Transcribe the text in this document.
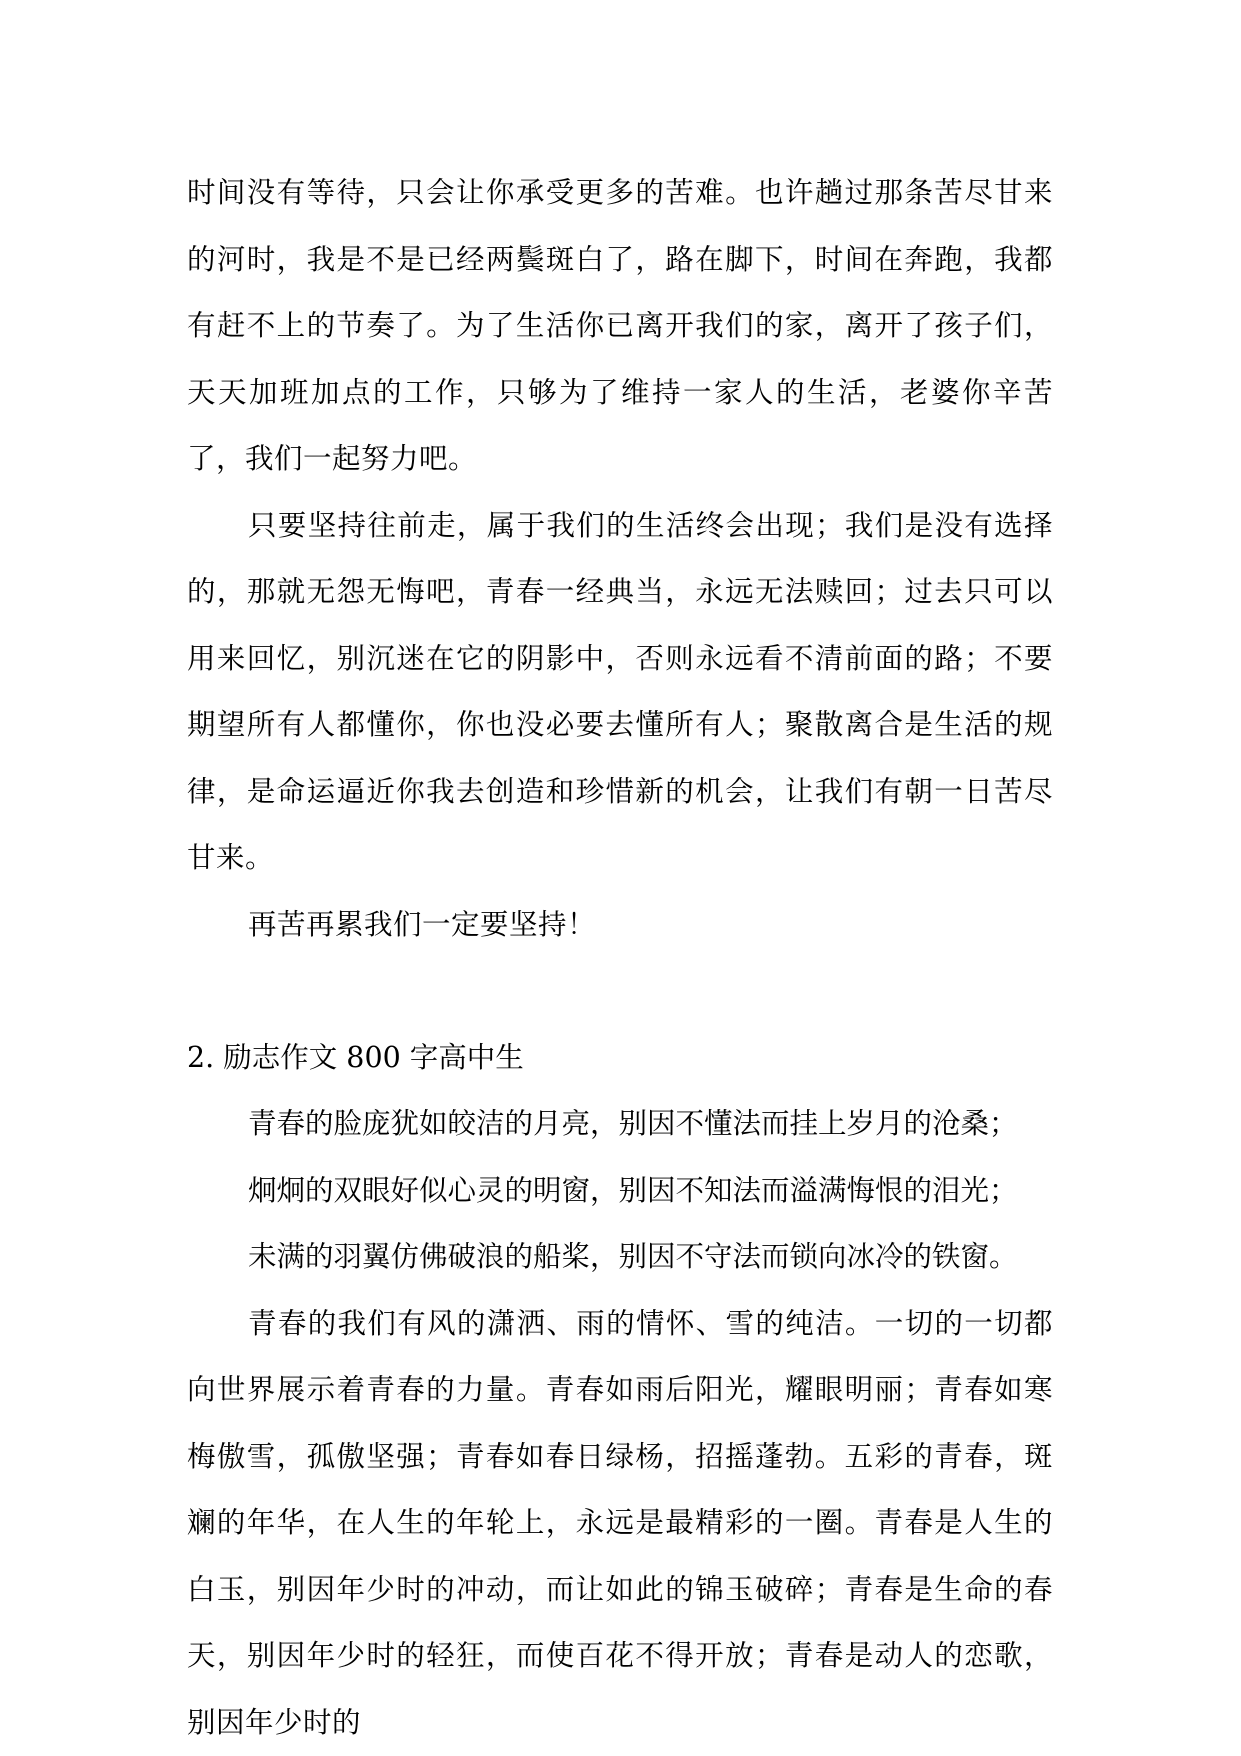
时间没有等待，只会让你承受更多的苦难。也许趟过那条苦尽甘来的河时，我是不是已经两鬓斑白了，路在脚下，时间在奔跑，我都有赶不上的节奏了。为了生活你已离开我们的家，离开了孩子们，天天加班加点的工作，只够为了维持一家人的生活，老婆你辛苦了，我们一起努力吧。

只要坚持往前走，属于我们的生活终会出现；我们是没有选择的，那就无怨无悔吧，青春一经典当，永远无法赎回；过去只可以用来回忆，别沉迷在它的阴影中，否则永远看不清前面的路；不要期望所有人都懂你，你也没必要去懂所有人；聚散离合是生活的规律，是命运逼近你我去创造和珍惜新的机会，让我们有朝一日苦尽甘来。

再苦再累我们一定要坚持！

2. 励志作文 800 字高中生

青春的脸庞犹如皎洁的月亮，别因不懂法而挂上岁月的沧桑；

炯炯的双眼好似心灵的明窗，别因不知法而溢满悔恨的泪光；

未满的羽翼仿佛破浪的船桨，别因不守法而锁向冰冷的铁窗。

青春的我们有风的潇洒、雨的情怀、雪的纯洁。一切的一切都向世界展示着青春的力量。青春如雨后阳光，耀眼明丽；青春如寒梅傲雪，孤傲坚强；青春如春日绿杨，招摇蓬勃。五彩的青春，斑斓的年华，在人生的年轮上，永远是最精彩的一圈。青春是人生的白玉，别因年少时的冲动，而让如此的锦玉破碎；青春是生命的春天，别因年少时的轻狂，而使百花不得开放；青春是动人的恋歌，别因年少时的
